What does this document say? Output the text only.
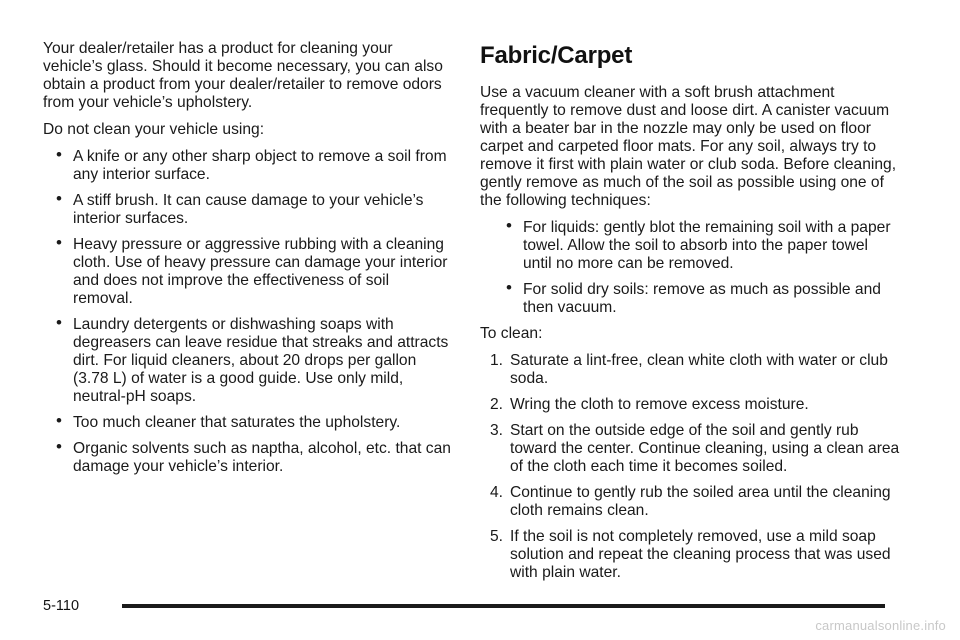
Your dealer/retailer has a product for cleaning your vehicle’s glass. Should it become necessary, you can also obtain a product from your dealer/retailer to remove odors from your vehicle’s upholstery.

Do not clean your vehicle using:

• A knife or any other sharp object to remove a soil from any interior surface.
• A stiff brush. It can cause damage to your vehicle’s interior surfaces.
• Heavy pressure or aggressive rubbing with a cleaning cloth. Use of heavy pressure can damage your interior and does not improve the effectiveness of soil removal.
• Laundry detergents or dishwashing soaps with degreasers can leave residue that streaks and attracts dirt. For liquid cleaners, about 20 drops per gallon (3.78 L) of water is a good guide. Use only mild, neutral-pH soaps.
• Too much cleaner that saturates the upholstery.
• Organic solvents such as naptha, alcohol, etc. that can damage your vehicle’s interior.
Fabric/Carpet

Use a vacuum cleaner with a soft brush attachment frequently to remove dust and loose dirt. A canister vacuum with a beater bar in the nozzle may only be used on floor carpet and carpeted floor mats. For any soil, always try to remove it first with plain water or club soda. Before cleaning, gently remove as much of the soil as possible using one of the following techniques:

• For liquids: gently blot the remaining soil with a paper towel. Allow the soil to absorb into the paper towel until no more can be removed.
• For solid dry soils: remove as much as possible and then vacuum.

To clean:

1. Saturate a lint-free, clean white cloth with water or club soda.
2. Wring the cloth to remove excess moisture.
3. Start on the outside edge of the soil and gently rub toward the center. Continue cleaning, using a clean area of the cloth each time it becomes soiled.
4. Continue to gently rub the soiled area until the cleaning cloth remains clean.
5. If the soil is not completely removed, use a mild soap solution and repeat the cleaning process that was used with plain water.
5-110
carmanualsonline.info
